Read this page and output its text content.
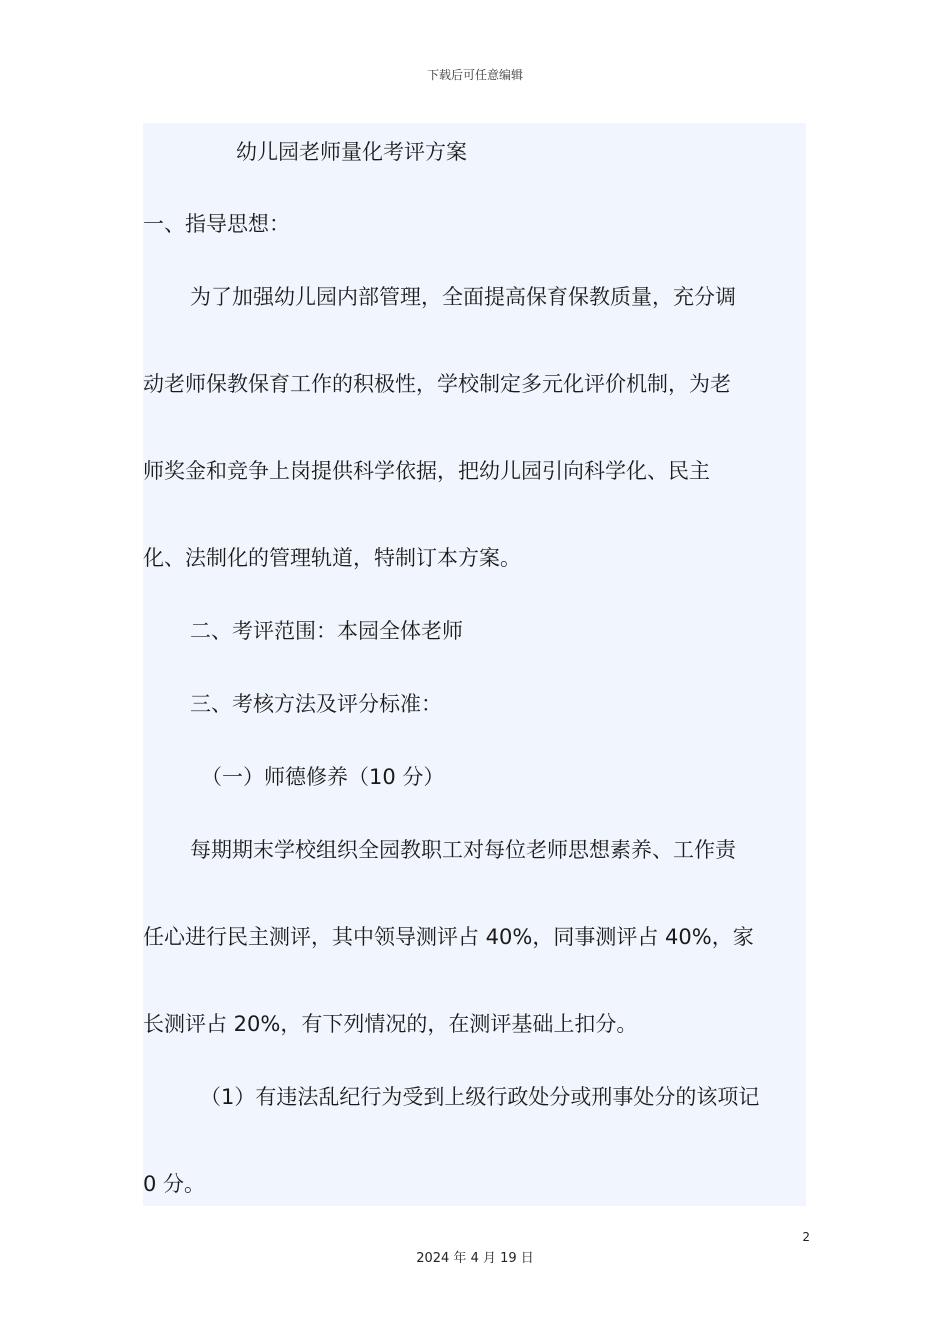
下载后可任意编辑
幼儿园老师量化考评方案
一、指导思想：
为了加强幼儿园内部管理，全面提高保育保教质量，充分调
动老师保教保育工作的积极性，学校制定多元化评价机制，为老
师奖金和竞争上岗提供科学依据，把幼儿园引向科学化、民主
化、法制化的管理轨道，特制订本方案。
二、考评范围：本园全体老师
三、考核方法及评分标准：
（一）师德修养（10 分）
每期期末学校组织全园教职工对每位老师思想素养、工作责
任心进行民主测评，其中领导测评占 40%，同事测评占 40%，家
长测评占 20%，有下列情况的，在测评基础上扣分。
（1）有违法乱纪行为受到上级行政处分或刑事处分的该项记
0 分。
2
2024 年 4 月 19 日
